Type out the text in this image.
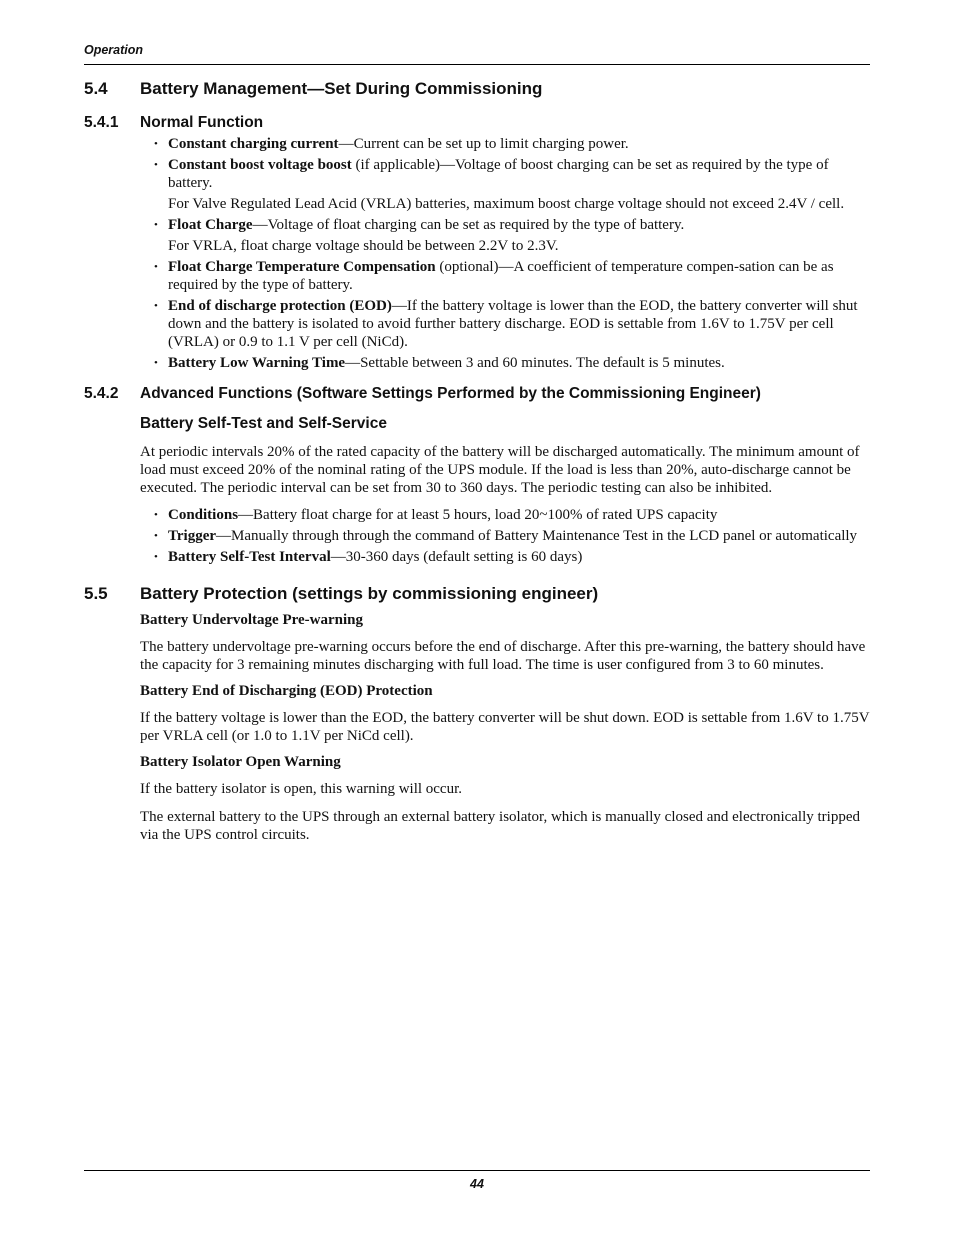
Operation
5.4	Battery Management—Set During Commissioning
5.4.1	Normal Function
• Constant charging current—Current can be set up to limit charging power.
• Constant boost voltage boost (if applicable)—Voltage of boost charging can be set as required by the type of battery.
For Valve Regulated Lead Acid (VRLA) batteries, maximum boost charge voltage should not exceed 2.4V / cell.
• Float Charge—Voltage of float charging can be set as required by the type of battery.
For VRLA, float charge voltage should be between 2.2V to 2.3V.
• Float Charge Temperature Compensation (optional)—A coefficient of temperature compen-sation can be as required by the type of battery.
• End of discharge protection (EOD)—If the battery voltage is lower than the EOD, the battery converter will shut down and the battery is isolated to avoid further battery discharge. EOD is settable from 1.6V to 1.75V per cell (VRLA) or 0.9 to 1.1 V per cell (NiCd).
• Battery Low Warning Time—Settable between 3 and 60 minutes. The default is 5 minutes.
5.4.2	Advanced Functions (Software Settings Performed by the Commissioning Engineer)
Battery Self-Test and Self-Service

At periodic intervals 20% of the rated capacity of the battery will be discharged automatically. The minimum amount of load must exceed 20% of the nominal rating of the UPS module. If the load is less than 20%, auto-discharge cannot be executed. The periodic interval can be set from 30 to 360 days. The periodic testing can also be inhibited.

• Conditions—Battery float charge for at least 5 hours, load 20~100% of rated UPS capacity
• Trigger—Manually through through the command of Battery Maintenance Test in the LCD panel or automatically
• Battery Self-Test Interval—30-360 days (default setting is 60 days)
5.5	Battery Protection (settings by commissioning engineer)
Battery Undervoltage Pre-warning

The battery undervoltage pre-warning occurs before the end of discharge. After this pre-warning, the battery should have the capacity for 3 remaining minutes discharging with full load. The time is user configured from 3 to 60 minutes.

Battery End of Discharging (EOD) Protection

If the battery voltage is lower than the EOD, the battery converter will be shut down. EOD is settable from 1.6V to 1.75V per VRLA cell (or 1.0 to 1.1V per NiCd cell).

Battery Isolator Open Warning

If the battery isolator is open, this warning will occur.

The external battery to the UPS through an external battery isolator, which is manually closed and electronically tripped via the UPS control circuits.

44
